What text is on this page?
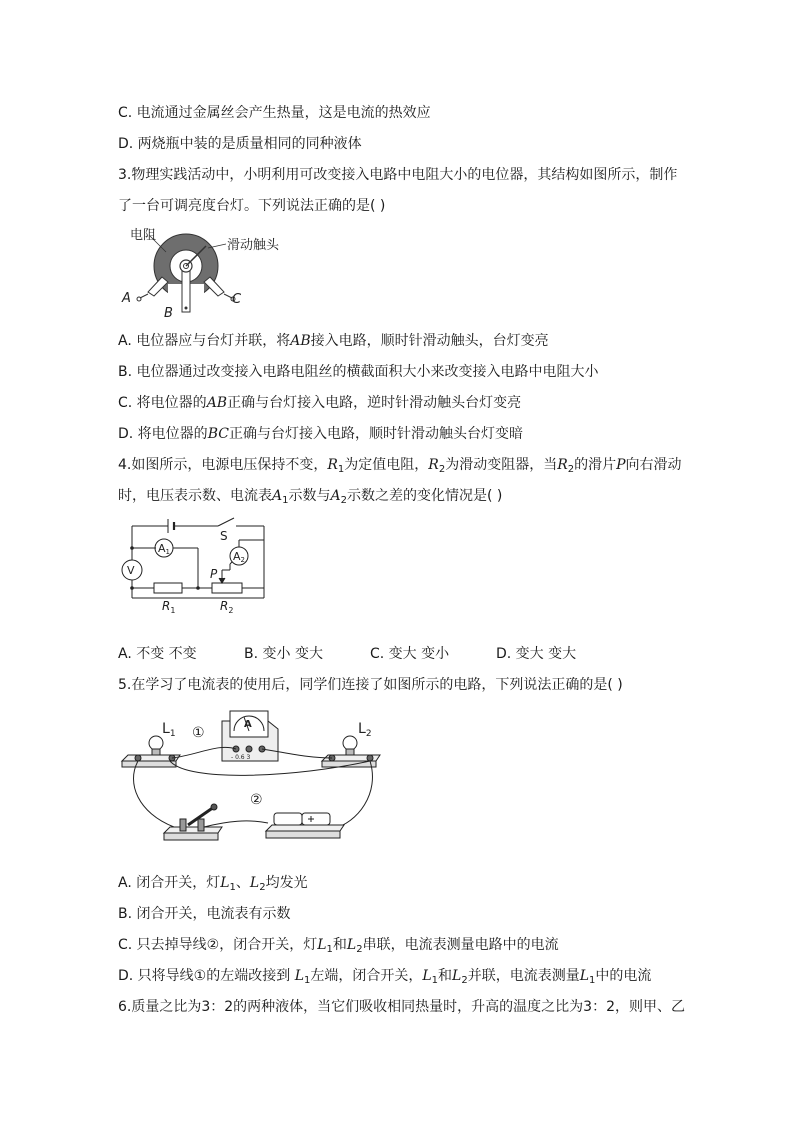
C. 电流通过金属丝会产生热量，这是电流的热效应
D. 两烧瓶中装的是质量相同的同种液体
3.物理实践活动中，小明利用可改变接入电路中电阻大小的电位器，其结构如图所示，制作
了一台可调亮度台灯。下列说法正确的是( )
电阻
滑动触头
A
B
C
A. 电位器应与台灯并联，将AB接入电路，顺时针滑动触头，台灯变亮
B. 电位器通过改变接入电路电阻丝的横截面积大小来改变接入电路中电阻大小
C. 将电位器的AB正确与台灯接入电路，逆时针滑动触头台灯变亮
D. 将电位器的BC正确与台灯接入电路，顺时针滑动触头台灯变暗
4.如图所示，电源电压保持不变，$R_1$为定值电阻，$R_2$为滑动变阻器，当$R_2$的滑片P向右滑动
时，电压表示数、电流表$A_1$示数与$A_2$示数之差的变化情况是( )
S
A1	A2
V	P
$R_1$	$R_2$
A. 不变 不变	B. 变小 变大	C. 变大 变小	D. 变大 变大
5.在学习了电流表的使用后，同学们连接了如图所示的电路，下列说法正确的是( )
$L_1$	$L_2$
①
②
A
- 0.6 3
A. 闭合开关，灯$L_1$、$L_2$均发光
B. 闭合开关，电流表有示数
C. 只去掉导线②，闭合开关，灯$L_1$和$L_2$串联，电流表测量电路中的电流
D. 只将导线①的左端改接到 $L_1$左端，闭合开关，$L_1$和$L_2$并联，电流表测量$L_1$中的电流
6.质量之比为3：2的两种液体，当它们吸收相同热量时，升高的温度之比为3：2，则甲、乙
